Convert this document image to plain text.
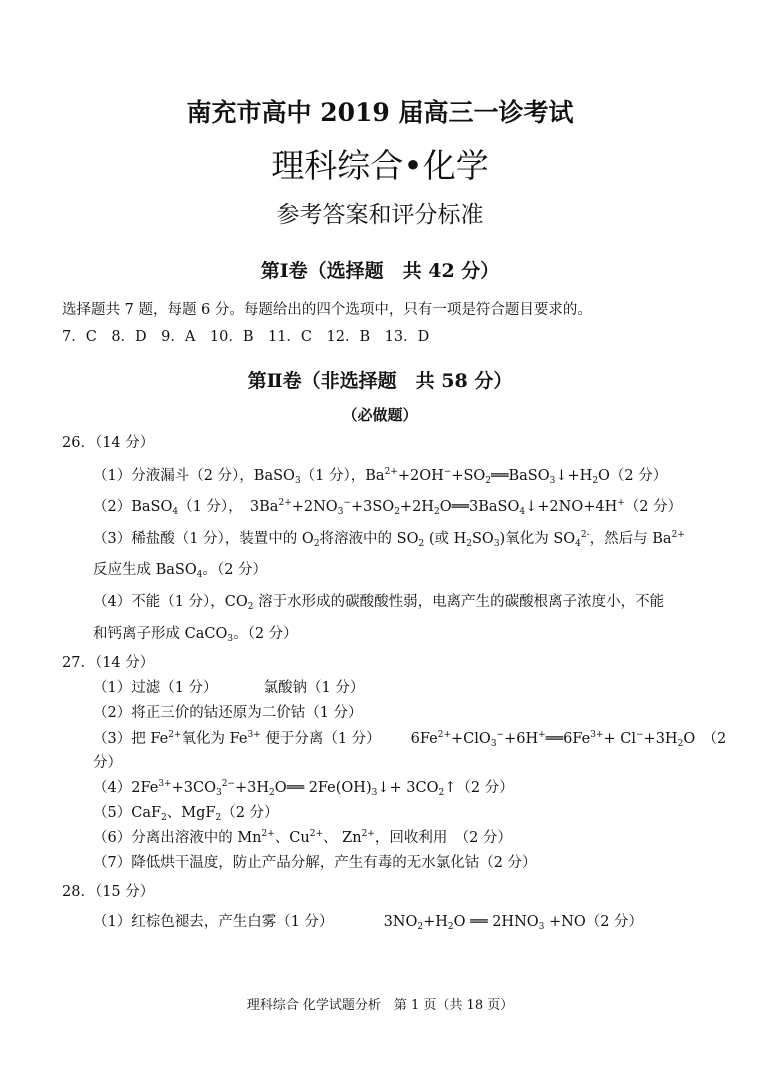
南充市高中 2019 届高三一诊考试
理科综合•化学
参考答案和评分标准
第Ⅰ卷（选择题　共 42 分）
选择题共 7 题，每题 6 分。每题给出的四个选项中，只有一项是符合题目要求的。
7．C　8．D　9．A　10．B　11．C　12．B　13．D
第Ⅱ卷（非选择题　共 58 分）
（必做题）
26．（14 分）
（1）分液漏斗（2 分），BaSO$_3$（1 分），$Ba^{2+}+2OH^-+SO_2══BaSO_3↓+H_2O(2$ 分）
（2）BaSO$_4$（1 分），　$3Ba^{2+}+2NO_3^-+3SO_2+2H_2O══3BaSO_4↓+2NO+4H^+(2$ 分）
（3）稀盐酸（1 分），装置中的 $O_2$将溶液中的 $SO_2$ (或 $H_2SO_3$)氧化为 $SO_4^{2-}$，然后与 $Ba^{2+}$
反应生成 BaSO$_4$。（2 分）
（4）不能（1 分），$CO_2$ 溶于水形成的碳酸酸性弱，电离产生的碳酸根离子浓度小，不能
和钙离子形成 CaCO$_3$。（2 分）
27．（14 分）
（1）过滤（1 分）	氯酸钠（1 分）
（2）将正三价的钴还原为二价钴（1 分）
（3）把 $Fe^{2+}$氧化为 $Fe^{3+}$ 便于分离（1 分） $6Fe^{2+}+ClO_3^-+6H^+══6Fe^{3+}+ Cl^-+3H_2O$　（2
分）
$(4)2Fe^{3+}+3CO_3^{2-}+3H_2O══$ $2Fe(OH)_3↓+$ $3CO_2↑(2$ 分）
（5）CaF$_2$、MgF$_2$（2 分）
（6）分离出溶液中的 $Mn^{2+}$、$Cu^{2+}$、 $Zn^{2+}$，回收利用　（2 分）
（7）降低烘干温度，防止产品分解，产生有毒的无水氯化钴（2 分）
28．（15 分）
（1）红棕色褪去，产生白雾（1 分）	$3NO_2+H_2O$ ══ $2HNO_3 +NO(2$ 分）
理科综合 化学试题分析　第 1 页（共 18 页）
